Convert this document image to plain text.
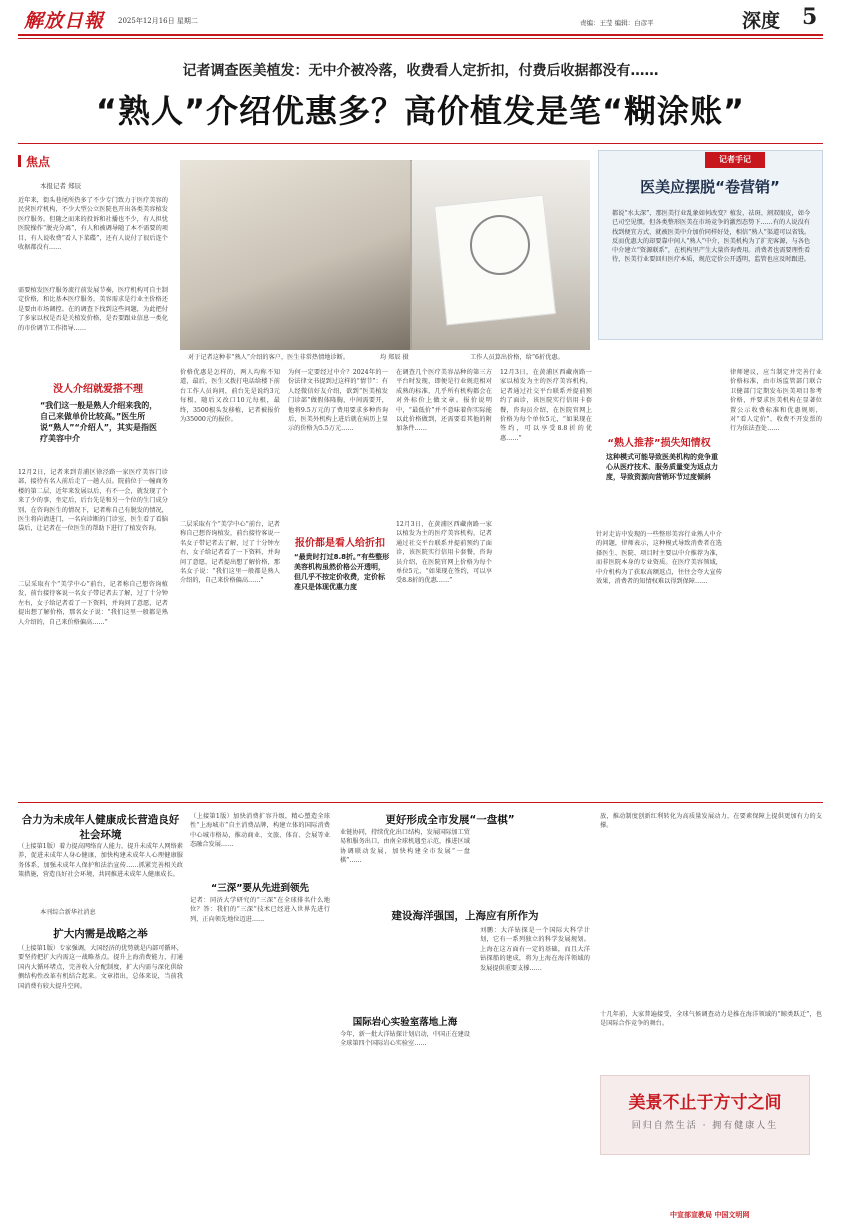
解放日報 2025年12月16日 星期二	责编：王莹 编辑：白彦平	深度 5
记者调查医美植发：无中介被冷落，收费看人定折扣，付费后收据都没有……
“熟人”介绍优惠多？高价植发是笔“糊涂账”
焦点
本报记者 郑辰
近年来，街头巷尾所热多了不少专门致力于医疗美容的民营医疗机构，不少大型公立医院也开出各类美容植发医疗服务。但随之而来的投诉和社播也不少，有人担忧医院操作“脱壳分离”，有人和被调导随了本不需要的项目，有人说收费“看人下菜碟”，还有人说付了很后连个收据都没有……
需要植发医疗服务流行前发展节奏，医疗机构可自主制定价格，和比基本医疗服务，美容需求是行业主价格还是要由市场调控。在的调查下找到这些问题，为此把付了多家以权是否是关植发价格，是否要跟业信息一类化的市价调节工作指导……
没人介绍就爱搭不理
“我们这一般是熟人介绍来我的，自己来做单价比较高。”医生所说“熟人”“介绍人”，其实是指医疗美容中介
12月2日，记者来到青浦区徐泾路一家医疗美容门诊部，接待有名人前后走了一趟人员。院前位于一幢商务楼的第二层，近年来发展以后，有不一会，就发现了个来了少的事，坐定后，后台先是和另一个位的生门成分别，在咨询医生的情况下，记者称自己有脱发的情况，医生将向请进门，一名向诊断的门诊室，医生看了看脑袋后，让记者在一位医生的帮助下进行了植发咨询。
二层采取有个“美学中心”前台，记者称自己想咨询植发，前台接待客说一名女子带记者去了解，过了十分钟左右，女子给记者看了一下资料，并询问了意愿，记者提出想了解价格，那名女子说：“我们这里一般都是熟人介绍的，自己来价格偏高……”
对于记者这种非“熟人”介绍的客户，医生非常热情地诊断。	均 郑辰 摄	工作人员算出价格，给“6折优惠。
记者手记
医美应摆脱“卷营销”
都说“水太深”，那医美行业乱象如何改变？植发、祛斑、割双眼皮，如今已司空见惯，但各类整形医美在市场竞争的激烈态势下……有的人说没有找到便宜方式，就被医美中介加价同样好处，相信“熟人”渠道可以省钱。反而优惠大的却要靠中间人“熟人”中介，医美机构为了扩充客源，与各色中介建立“资源联系”，在机构里产生大量咨询费用。消费者也需要理性看待，医美行业要回归医疗本质，规范定价公开透明，监管也应及时跟进。
价格优惠是怎样的，两人均称不知道，最后，医生又拨打电话给楼下前台工作人员询问，前台先是说约3元每根，随后又改口10元每根，最终，3500根头发移植，记者被报价为35000元的报价。
为何一定要经过中介？2024年的一份法律文书提到过这样的“情节”：有人经微信好友介绍，欲到“医美植发门诊部”做假体隆胸，中间需要开，他将9.5万元的了费用要求多种咨询后，医美外机构上进后就在病历上显示的价格为5.5万元……
报价都是看人给折扣
“最贵时打过8.8折。”有些整形美容机构虽然价格公开透明，但几乎不按定价收费，定价标准只是体现优惠力度
二层采取有个“美学中心”前台，记者称自己想咨询植发，前台接待客说一名女子带记者去了解，过了十分钟左右，女子给记者看了一下资料，并询问了意愿，记者提出想了解价格，那名女子说：“我们这里一般都是熟人介绍的，自己来价格偏高……”
在调查几个医疗美容品种的第三方平台时发现，即便是行业规范相对成熟的标准，几乎所有机构都会在对外标价上做文章。报价说明中，“最低价”并不意味着你实际能以此价格做到，还需要看其他的附加条件……
12月3日，在黄浦区西藏南路一家以植发为主的医疗美容机构，记者通过社交平台联系并提前预约了面诊，该医院实行信用卡套餐，咨询员介绍，在医院官网上价格为每个单位5元，“如果现在签约，可以享受8.8折的优惠……”
12月3日，在黄浦区西藏南路一家以植发为主的医疗美容机构，记者通过社交平台联系并提前预约了面诊，该医院实行信用卡套餐，咨询员介绍，在医院官网上价格为每个单位5元，“如果现在签约，可以享受8.8折的优惠……”	“熟人推荐”损失知情权
这种模式可能导致医美机构的竞争重心从医疗技术、服务质量变为返点力度，导致资源向营销环节过度倾斜
针对走访中发现的一些整形美容行业熟人中介的问题，律师表示，这种模式导致消费者在选择医生、医院、项目时主要以中介推荐为准，而非医院本身的专业资质。在医疗美容领域，中介机构为了获取高额返点，往往会夸大宣传效果，消费者的知情权难以得到保障……
律师建议，应当制定并完善行业价格标准，由市场监管部门联合卫健部门定期发布医美项目参考价格，并要求医美机构在显著位置公示收费标准和优惠规则，对“看人定价”、收费不开发票的行为依法查处……
合力为未成年人健康成长营造良好社会环境
（上接第1版）着力提高网络育人能力，提升未成年人网络素养，促进未成年人身心健康，加快构建未成年人心理健康服务体系，加强未成年人保护和法治宣传……抓紧完善相关政策措施，营造良好社会环境，共同推进未成年人健康成长。
本刊综合新华社消息
扩大内需是战略之举
（上接第1版）专家强调，大国经济的优势就是内部可循环，要坚持把扩大内需这一战略基点。提升上海消费能力，打通国内大循环堵点，完善收入分配制度，扩大内需与深化供给侧结构性改革有机结合起来。文章指出，总体来说，当前我国消费有较大提升空间。
（上接第1版）加快消费扩容升级，精心塑造全球性“上海城市”自主消费品牌，构建立体的国际消费中心城市格局，推动商业、文旅、体育、会展等业态融合发展……
更好形成全市发展“一盘棋”
业链协同，持续优化出口结构，发展国际加工贸易和服务出口，由南全球机遇至示范，推进区域协调联动发展，加快构建全市发展“一盘棋”……
“三深”要从先进到领先
记者：同济大学研究的“三深”在全球排名什么地位？答：我们的“三深”技术已经进入世界先进行列，正向领先地位迈进……	建设海洋强国，上海应有所作为
刘鹏：大洋钻探是一个国际大科学计划，它有一系列独立的科学发展规划。上海在这方面有一定的基础，而且大洋钻探船的建成，将为上海在海洋领域的发展提供重要支撑……
国际岩心实验室落地上海
今年，新一批大洋钻探计划启动，中国正在建设全球第四个国际岩心实验室……
放，推动制度创新红利转化为高质量发展动力，在要素保障上提供更加有力的支撑。
十几年前，大家普遍接受，全球气候调查动力是推在海洋领域的“鲸类跃迁”，也是国际合作竞争的舞台。
美景不止于方寸之间
回归自然生活 · 拥有健康人生
中宣部宣教局 中国文明网
